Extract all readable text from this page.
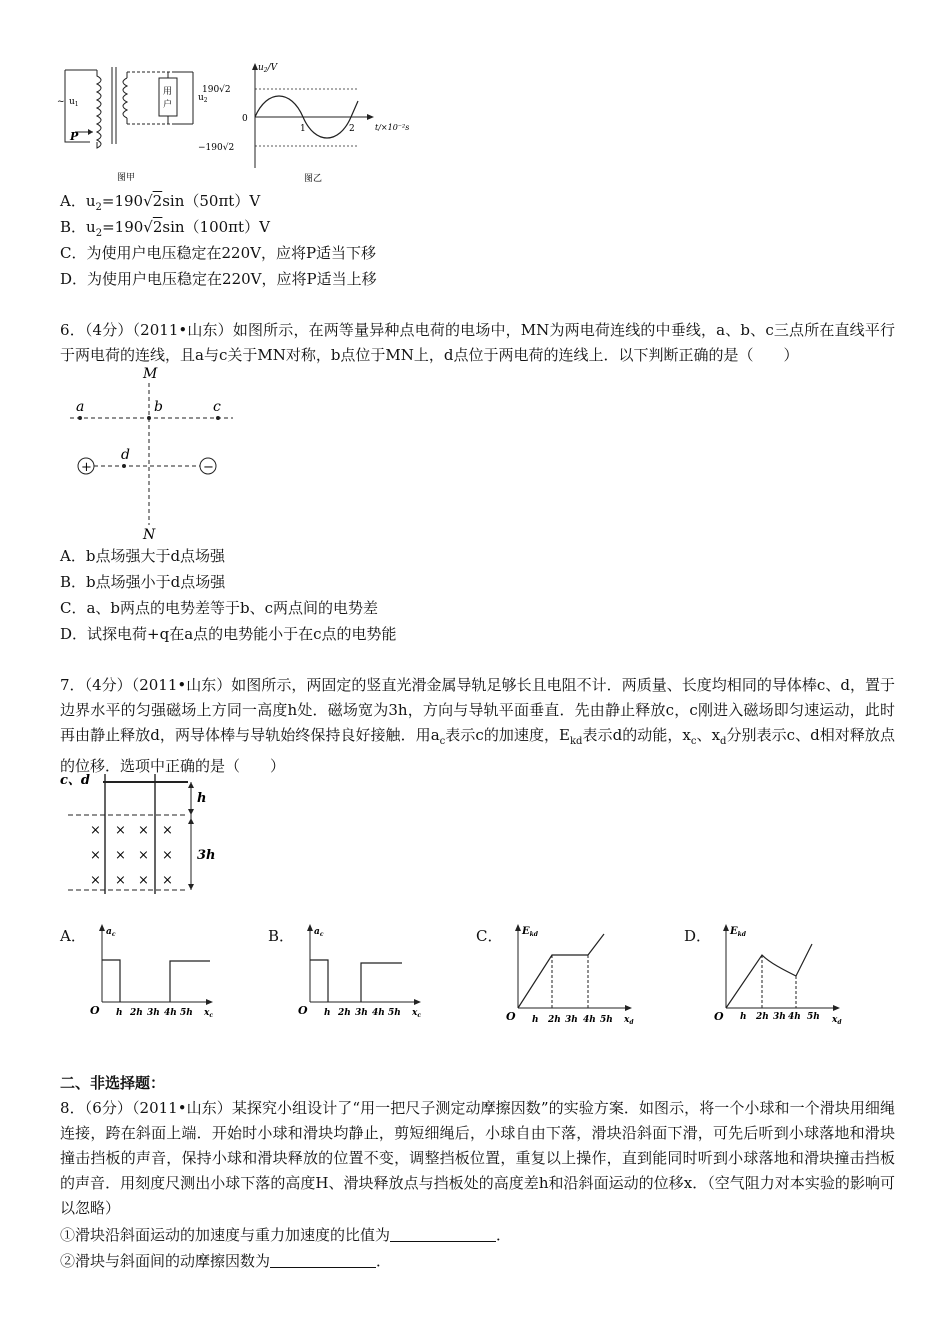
用
户
$u_2$
~ $u_1$
P
图甲
$u_2/V$
190√2
0
−190√2
1	2	t/×10⁻²s
图乙
A．$u_2=190√2\sin(50\pi t)V$
B．$u_2=190√2\sin(100\pi t)V$
C．为使用户电压稳定在220V，应将P适当下移
D．为使用户电压稳定在220V，应将P适当上移
6．（4分）（2011•山东）如图所示，在两等量异种点电荷的电场中，MN为两电荷连线的中垂线，a、b、c三点所在直线平行于两电荷的连线，且a与c关于MN对称，b点位于MN上，d点位于两电荷的连线上．以下判断正确的是（　　）
+	−
M
N
a	b	c
d
A．b点场强大于d点场强
B．b点场强小于d点场强
C．a、b两点的电势差等于b、c两点间的电势差
D．试探电荷+q在a点的电势能小于在c点的电势能
7．（4分）（2011•山东）如图所示，两固定的竖直光滑金属导轨足够长且电阻不计．两质量、长度均相同的导体棒c、d，置于边界水平的匀强磁场上方同一高度h处．磁场宽为3h，方向与导轨平面垂直．先由静止释放c，c刚进入磁场即匀速运动，此时再由静止释放d，两导体棒与导轨始终保持良好接触．用$a_c$表示c的加速度，$E_{kd}$表示d的动能，$x_c$、$x_d$分别表示c、d相对释放点的位移．选项中正确的是（　　）
c、d
× × × ×
× × × ×
× × × ×
h
3h
A．	B．	C．	D．
$a_c$
O h 2h 3h 4h 5h $x_c$
$a_c$
O h 2h 3h 4h 5h $x_c$
$E_{kd}$
O h 2h 3h 4h 5h $x_d$
$E_{kd}$
O h 2h 3h 4h 5h $x_d$
二、非选择题：
8．（6分）（2011•山东）某探究小组设计了“用一把尺子测定动摩擦因数”的实验方案．如图示，将一个小球和一个滑块用细绳连接，跨在斜面上端．开始时小球和滑块均静止，剪短细绳后，小球自由下落，滑块沿斜面下滑，可先后听到小球落地和滑块撞击挡板的声音，保持小球和滑块释放的位置不变，调整挡板位置，重复以上操作，直到能同时听到小球落地和滑块撞击挡板的声音．用刻度尺测出小球下落的高度H、滑块释放点与挡板处的高度差h和沿斜面运动的位移x．（空气阻力对本实验的影响可以忽略）
①滑块沿斜面运动的加速度与重力加速度的比值为	．
②滑块与斜面间的动摩擦因数为	．
